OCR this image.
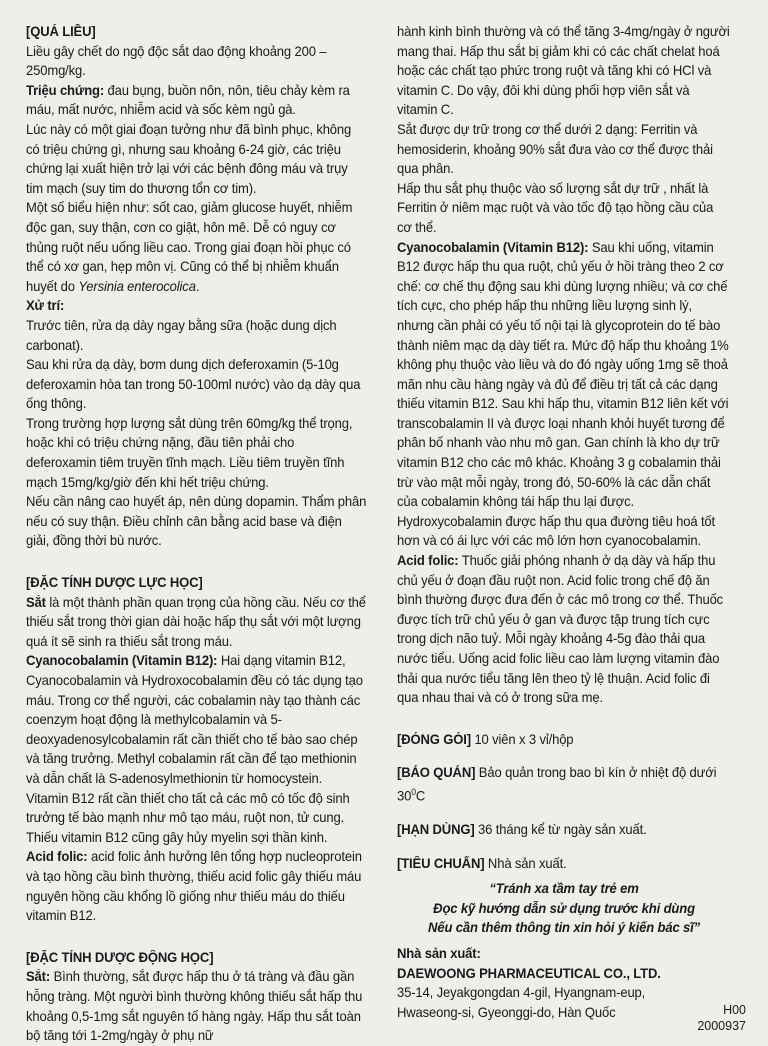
[QUÁ LIỀU]

Liều gây chết do ngộ độc sắt dao động khoảng 200 – 250mg/kg.

Triệu chứng: đau bụng, buồn nôn, nôn, tiêu chảy kèm ra máu, mất nước, nhiễm acid và sốc kèm ngủ gà.

Lúc này có một giai đoạn tưởng như đã bình phục, không có triệu chứng gì, nhưng sau khoảng 6-24 giờ, các triệu chứng lại xuất hiện trở lại với các bệnh đông máu và trụy tim mạch (suy tim do thương tổn cơ tim).

Một số biểu hiện như: sốt cao, giảm glucose huyết, nhiễm độc gan, suy thận, cơn co giật, hôn mê. Dễ có nguy cơ thủng ruột nếu uống liều cao. Trong giai đoạn hồi phục có thể có xơ gan, hẹp môn vị. Cũng có thể bị nhiễm khuẩn huyết do Yersinia enterocolica.

Xử trí:

Trước tiên, rửa dạ dày ngay bằng sữa (hoặc dung dịch carbonat).

Sau khi rửa dạ dày, bơm dung dịch deferoxamin (5-10g deferoxamin hòa tan trong 50-100ml nước) vào dạ dày qua ống thông.

Trong trường hợp lượng sắt dùng trên 60mg/kg thể trọng, hoặc khi có triệu chứng nặng, đầu tiên phải cho deferoxamin tiêm truyền tĩnh mạch. Liều tiêm truyền tĩnh mạch 15mg/kg/giờ đến khi hết triệu chứng.

Nếu cần nâng cao huyết áp, nên dùng dopamin. Thẩm phân nếu có suy thận. Điều chỉnh cân bằng acid base và điện giải, đồng thời bù nước.

[ĐẶC TÍNH DƯỢC LỰC HỌC]

Sắt là một thành phần quan trọng của hồng cầu. Nếu cơ thể thiếu sắt trong thời gian dài hoặc hấp thụ sắt với một lượng quá ít sẽ sinh ra thiếu sắt trong máu.

Cyanocobalamin (Vitamin B12): Hai dạng vitamin B12, Cyanocobalamin và Hydroxocobalamin đều có tác dụng tạo máu. Trong cơ thể người, các cobalamin này tạo thành các coenzym hoạt động là methylcobalamin và 5-deoxyadenosylcobalamin rất cần thiết cho tế bào sao chép và tăng trưởng. Methyl cobalamin rất cần để tạo methionin và dẫn chất là S-adenosylmethionin từ homocystein. Vitamin B12 rất cần thiết cho tất cả các mô có tốc độ sinh trưởng tế bào mạnh như mô tạo máu, ruột non, tử cung. Thiếu vitamin B12 cũng gây hủy myelin sợi thần kinh.

Acid folic: acid folic ảnh hưởng lên tổng hợp nucleoprotein và tạo hồng cầu bình thường, thiếu acid folic gây thiếu máu nguyên hồng cầu khổng lồ giống như thiếu máu do thiếu vitamin B12.

[ĐẶC TÍNH DƯỢC ĐỘNG HỌC]

Sắt: Bình thường, sắt được hấp thu ở tá tràng và đầu gần hỗng tràng. Một người bình thường không thiếu sắt hấp thu khoảng 0,5-1mg sắt nguyên tố hàng ngày. Hấp thu sắt toàn bộ tăng tới 1-2mg/ngày ở phụ nữ

hành kinh bình thường và có thể tăng 3-4mg/ngày ở người mang thai. Hấp thu sắt bị giảm khi có các chất chelat hoá hoặc các chất tạo phức trong ruột và tăng khi có HCl và vitamin C. Do vậy, đôi khi dùng phối hợp viên sắt và vitamin C.

Sắt được dự trữ trong cơ thể dưới 2 dạng: Ferritin và hemosiderin, khoảng 90% sắt đưa vào cơ thể được thải qua phân.

Hấp thu sắt phụ thuộc vào số lượng sắt dự trữ , nhất là Ferritin ở niêm mạc ruột và vào tốc độ tạo hồng cầu của cơ thể.

Cyanocobalamin (Vitamin B12): Sau khi uống, vitamin B12 được hấp thu qua ruột, chủ yếu ở hồi tràng theo 2 cơ chế: cơ chế thụ động sau khi dùng lượng nhiều; và cơ chế tích cực, cho phép hấp thu những liều lượng sinh lý, nhưng cần phải có yếu tố nội tại là glycoprotein do tế bào thành niêm mạc dạ dày tiết ra. Mức độ hấp thu khoảng 1% không phụ thuộc vào liều và do đó ngày uống 1mg sẽ thoả mãn nhu cầu hàng ngày và đủ để điều trị tất cả các dạng thiếu vitamin B12. Sau khi hấp thu, vitamin B12 liên kết với transcobalamin II và được loại nhanh khỏi huyết tương để phân bố nhanh vào nhu mô gan. Gan chính là kho dự trữ vitamin B12 cho các mô khác. Khoảng 3 g cobalamin thải trừ vào mật mỗi ngày, trong đó, 50-60% là các dẫn chất của cobalamin không tái hấp thu lại được. Hydroxycobalamin được hấp thu qua đường tiêu hoá tốt hơn và có ái lực với các mô lớn hơn cyanocobalamin.

Acid folic: Thuốc giải phóng nhanh ở dạ dày và hấp thu chủ yếu ở đoạn đầu ruột non. Acid folic trong chế độ ăn bình thường được đưa đến ở các mô trong cơ thể. Thuốc được tích trữ chủ yếu ở gan và được tập trung tích cực trong dịch não tuỷ. Mỗi ngày khoảng 4-5g đào thải qua nước tiểu. Uống acid folic liều cao làm lượng vitamin đào thải qua nước tiểu tăng lên theo tỷ lệ thuận. Acid folic đi qua nhau thai và có ở trong sữa mẹ.

[ĐÓNG GÓI] 10 viên x 3 vỉ/hộp

[BẢO QUẢN] Bảo quản trong bao bì kín ở nhiệt độ dưới $30^0C$

[HẠN DÙNG] 36 tháng kể từ ngày sản xuất.

[TIÊU CHUẨN] Nhà sản xuất.

“Tránh xa tầm tay trẻ em

Đọc kỹ hướng dẫn sử dụng trước khi dùng

Nếu cần thêm thông tin xin hỏi ý kiến bác sĩ”

Nhà sản xuất:

DAEWOONG PHARMACEUTICAL CO., LTD.

35-14, Jeyakgongdan 4-gil, Hyangnam-eup,

Hwaseong-si, Gyeonggi-do, Hàn Quốc	H00
2000937
